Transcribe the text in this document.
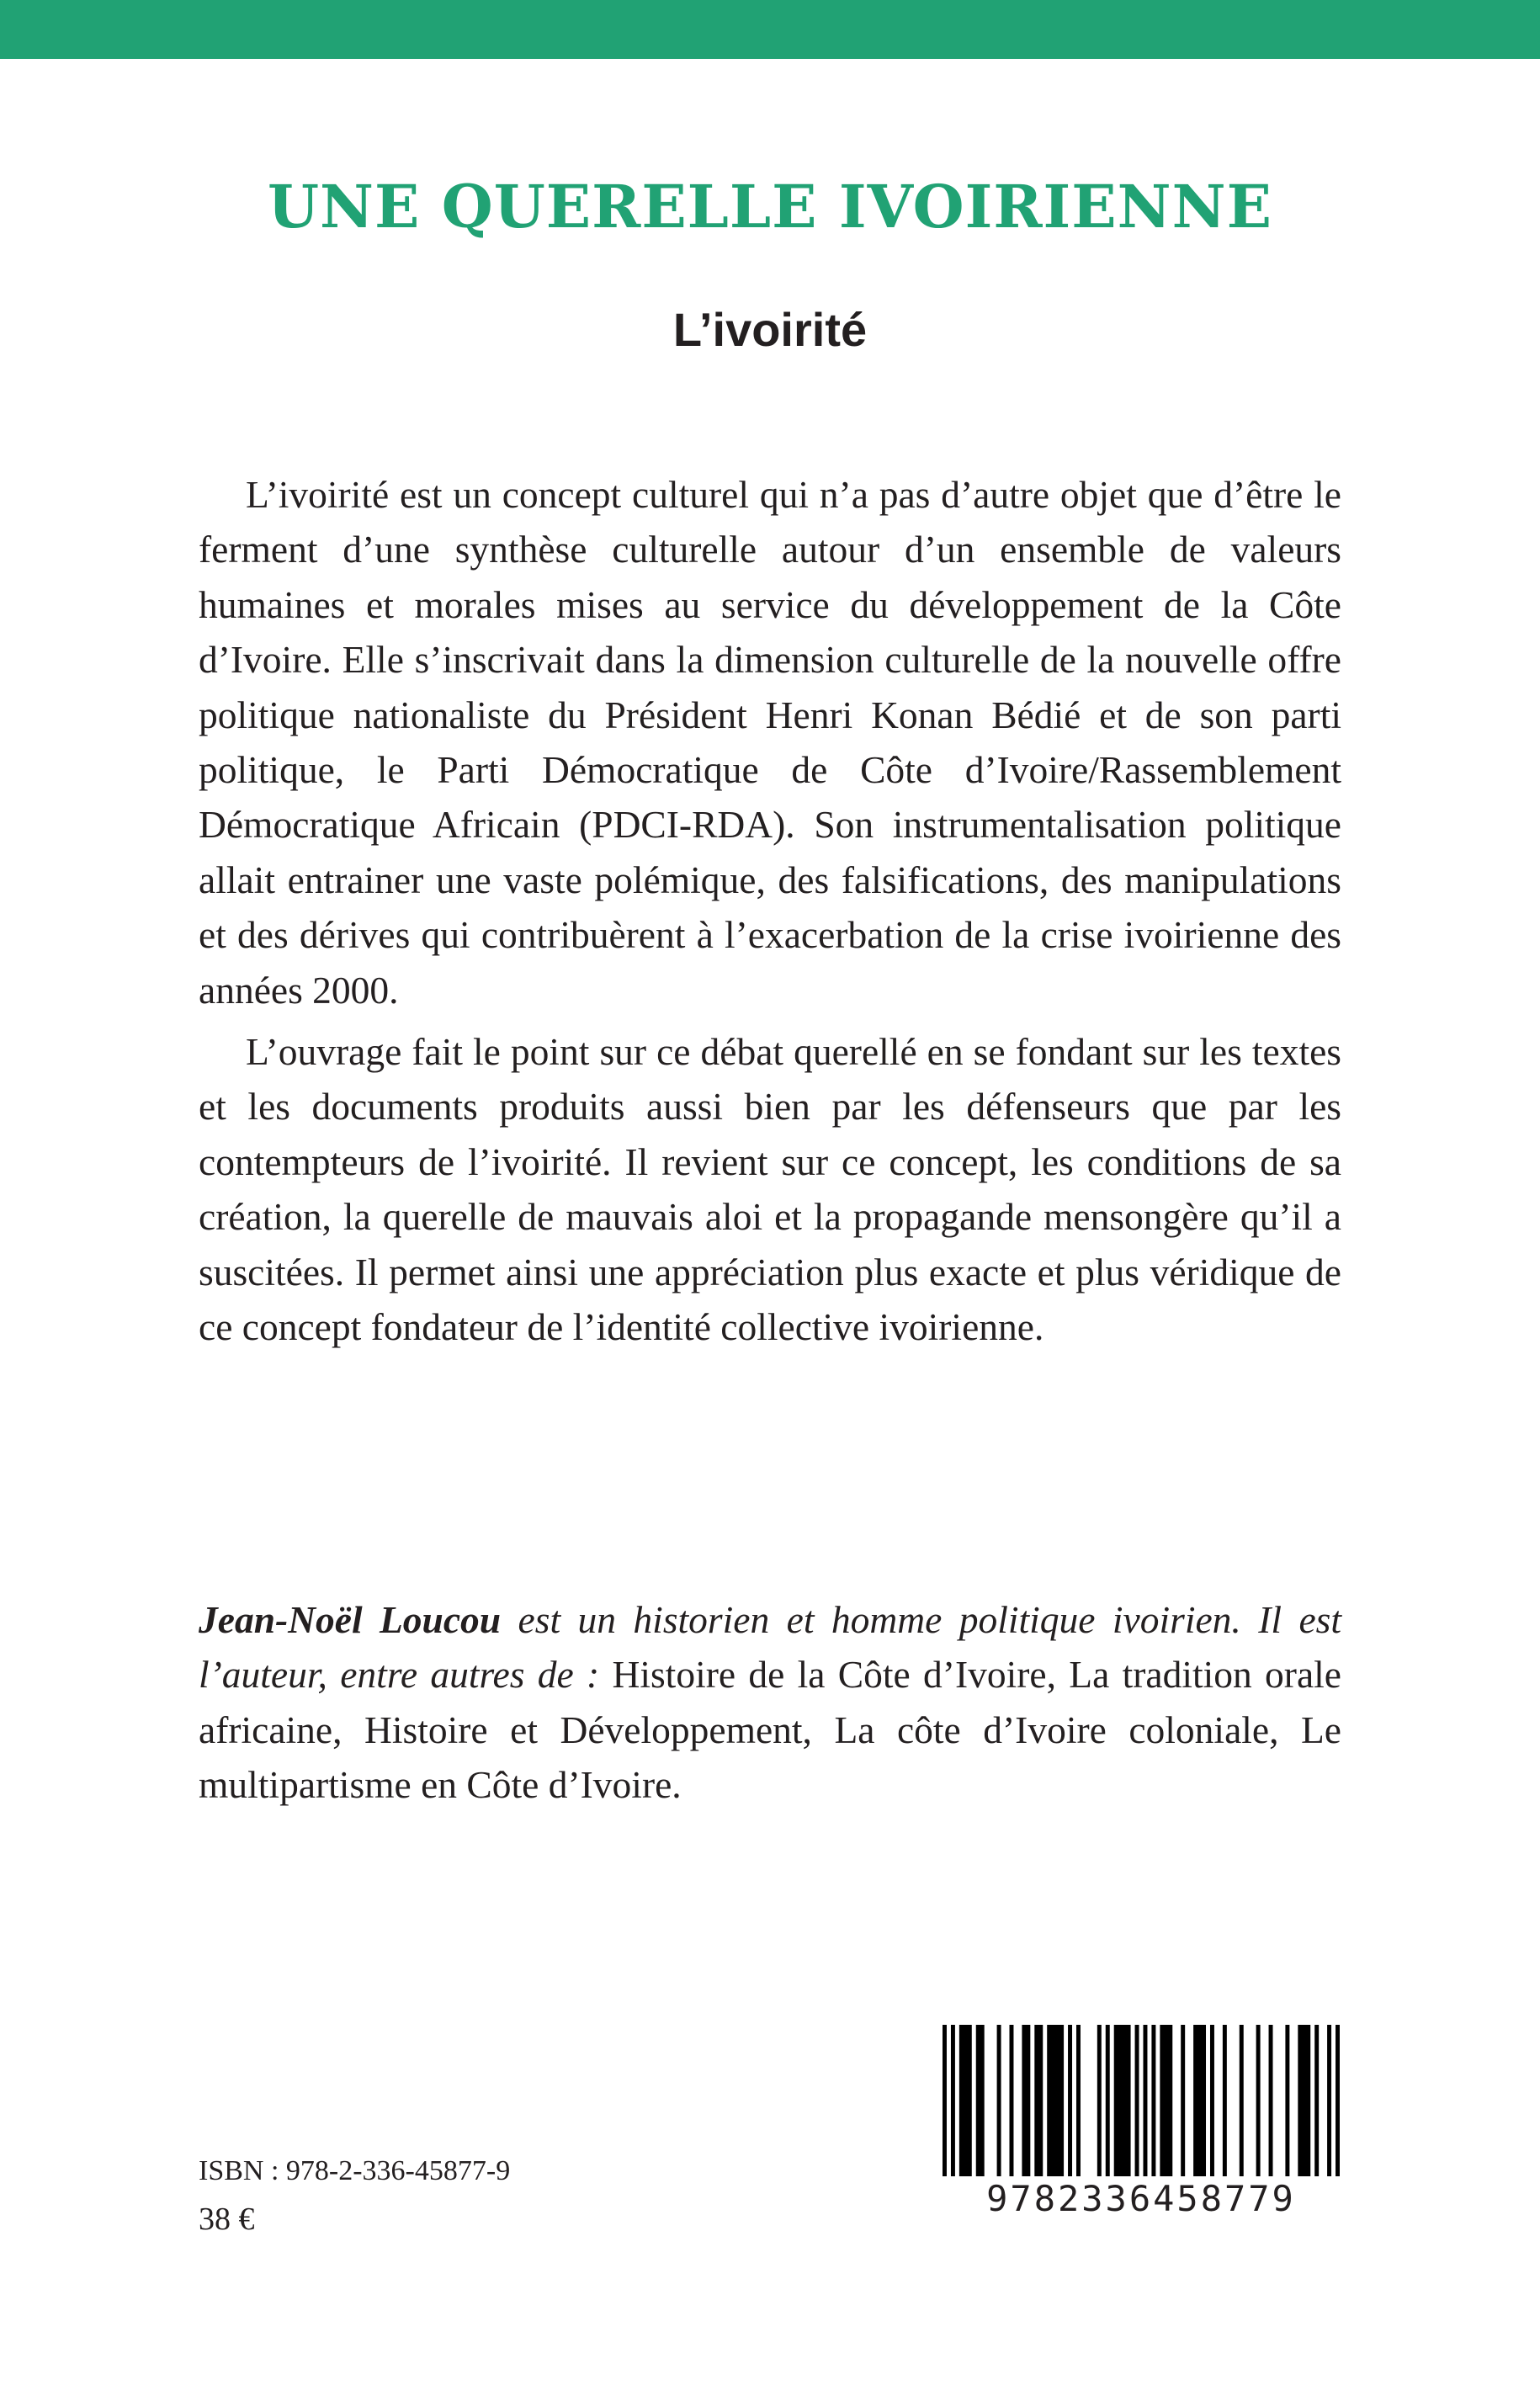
UNE QUERELLE IVOIRIENNE
L’ivoirité

L’ivoirité est un concept culturel qui n’a pas d’autre objet que d’être le ferment d’une synthèse culturelle autour d’un ensemble de valeurs humaines et morales mises au service du développement de la Côte d’Ivoire. Elle s’inscrivait dans la dimension culturelle de la nouvelle offre politique nationaliste du Président Henri Konan Bédié et de son parti politique, le Parti Démocratique de Côte d’Ivoire/Rassemblement Démocratique Africain (PDCI-RDA). Son instrumentalisation politique allait entrainer une vaste polémique, des falsifications, des manipulations et des dérives qui contribuèrent à l’exacerbation de la crise ivoirienne des années 2000.

L’ouvrage fait le point sur ce débat querellé en se fondant sur les textes et les documents produits aussi bien par les défenseurs que par les contempteurs de l’ivoirité. Il revient sur ce concept, les conditions de sa création, la querelle de mauvais aloi et la propagande mensongère qu’il a suscitées. Il permet ainsi une appréciation plus exacte et plus véridique de ce concept fondateur de l’identité collective ivoirienne.

Jean-Noël Loucou est un historien et homme politique ivoirien. Il est l’auteur, entre autres de : Histoire de la Côte d’Ivoire, La tradition orale africaine, Histoire et Développement, La côte d’Ivoire coloniale, Le multipartisme en Côte d’Ivoire.

ISBN : 978-2-336-45877-9

38 €	9782336458779
